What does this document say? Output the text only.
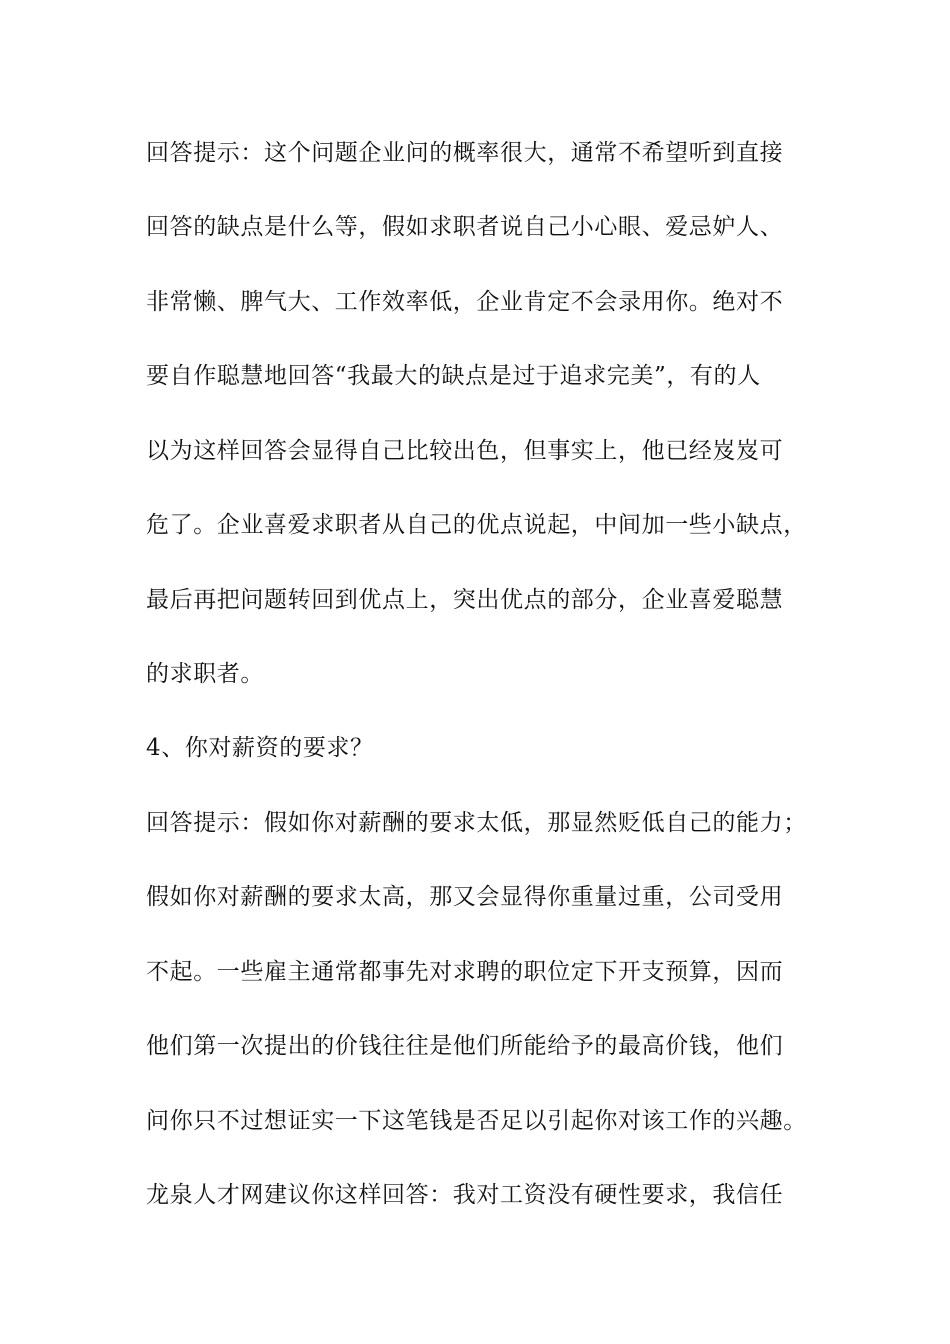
回答提示：这个问题企业问的概率很大，通常不希望听到直接
回答的缺点是什么等，假如求职者说自己小心眼、爱忌妒人、
非常懒、脾气大、工作效率低，企业肯定不会录用你。绝对不
要自作聪慧地回答“我最大的缺点是过于追求完美”，有的人
以为这样回答会显得自己比较出色，但事实上，他已经岌岌可
危了。企业喜爱求职者从自己的优点说起，中间加一些小缺点，
最后再把问题转回到优点上，突出优点的部分，企业喜爱聪慧
的求职者。
4、你对薪资的要求？
回答提示：假如你对薪酬的要求太低，那显然贬低自己的能力；
假如你对薪酬的要求太高，那又会显得你重量过重，公司受用
不起。一些雇主通常都事先对求聘的职位定下开支预算，因而
他们第一次提出的价钱往往是他们所能给予的最高价钱，他们
问你只不过想证实一下这笔钱是否足以引起你对该工作的兴趣。
龙泉人才网建议你这样回答：我对工资没有硬性要求，我信任
